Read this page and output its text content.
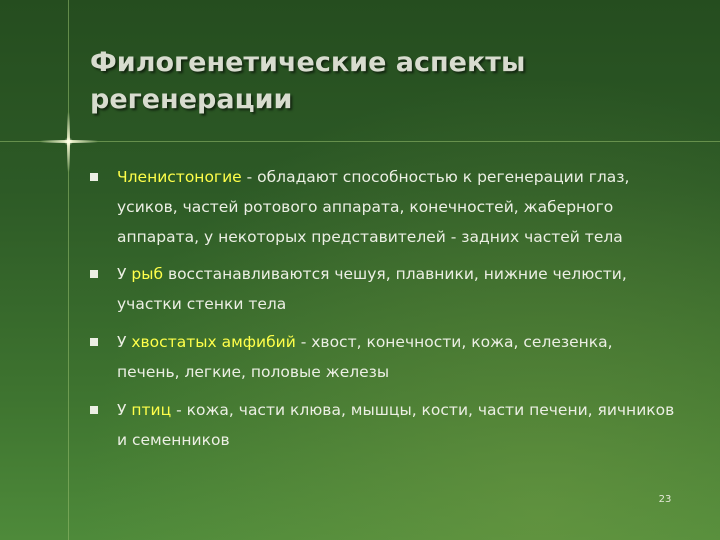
Филогенетические аспекты
регенерации
Членистоногие - обладают способностью к регенерации глаз, усиков, частей ротового аппарата, конечностей, жаберного аппарата, у некоторых представителей - задних частей тела
У рыб восстанавливаются чешуя, плавники, нижние челюсти, участки стенки тела
У хвостатых амфибий - хвост, конечности, кожа, селезенка, печень, легкие, половые железы
У птиц - кожа, части клюва, мышцы, кости, части печени, яичников и семенников
23
